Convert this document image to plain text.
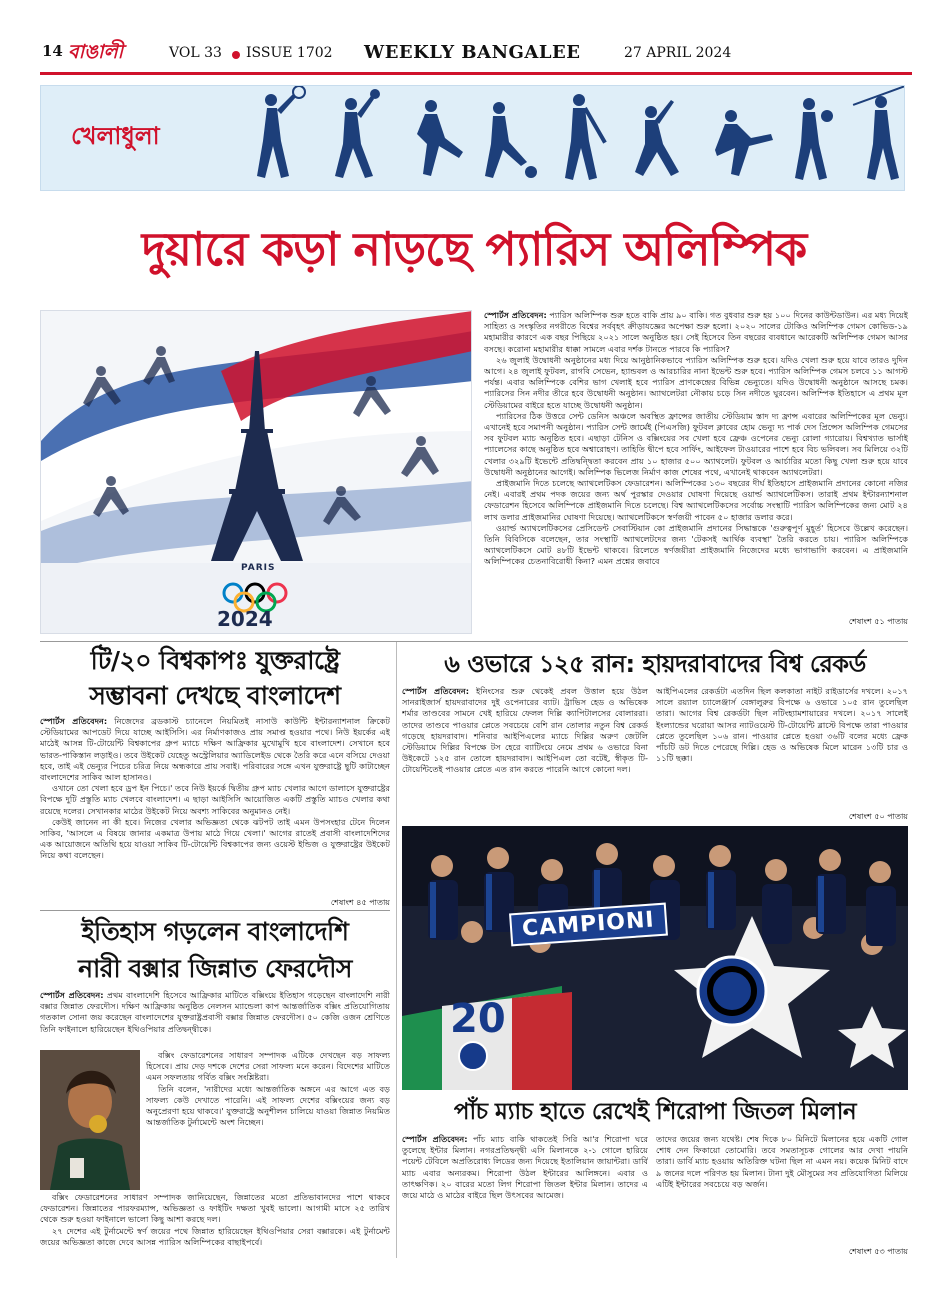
14 বাঙালী	VOL 33 ISSUE 1702 WEEKLY BANGALEE	27 APRIL 2024
খেলাধুলা
দুয়ারে কড়া নাড়ছে প্যারিস অলিম্পিক
PARIS
2024

স্পোর্টস প্রতিবেদন: প্যারিস অলিম্পিক শুরু হতে বাকি প্রায় ৯০ বাকি। গত বুধবার শুরু হয় ১০০ দিনের কাউন্টডাউন। এর মধ্য দিয়েই সাহিত্য ও সংস্কৃতির নগরীতে বিশ্বের সর্ববৃহৎ ক্রীড়াযজ্ঞের অপেক্ষা শুরু হলো। ২০২০ সালের টোকিও অলিম্পিক গেমস কোভিড-১৯ মহামারীর কারণে এক বছর পিছিয়ে ২০২১ সালে অনুষ্ঠিত হয়। সেই হিসেবে তিন বছরের ব্যবধানে আরেকটি অলিম্পিক গেমস আসর বসছে। করোনা মহামারীর ধাক্কা সামলে এবার দর্শক টানতে পারবে কি প্যারিস?

২৬ জুলাই উদ্বোধনী অনুষ্ঠানের মধ্য দিয়ে আনুষ্ঠানিকভাবে প্যারিস অলিম্পিক শুরু হবে। যদিও খেলা শুরু হয়ে যাবে তারও দুদিন আগে। ২৪ জুলাই ফুটবল, রাগবি সেভেন, হ্যান্ডবল ও আরচারির নানা ইভেন্ট শুরু হবে। প্যারিস অলিম্পিক গেমস চলবে ১১ আগস্ট পর্যন্ত। এবার অলিম্পিকে বেশির ভাগ খেলাই হবে প্যারিস প্রাণকেন্দ্রের বিভিন্ন ভেন্যুতে। যদিও উদ্বোধনী অনুষ্ঠানে আসছে চমক। প্যারিসের সিন নদীর তীরে হবে উদ্বোধনী অনুষ্ঠান। অ্যাথলেটরা নৌকায় চড়ে সিন নদীতে ঘুরবেন। অলিম্পিক ইতিহাসে এ প্রথম মূল স্টেডিয়ামের বাইরে হতে যাচ্ছে উদ্বোধনী অনুষ্ঠান।

প্যারিসের ঠিক উত্তরে সেন্ট ডেনিস অঞ্চলে অবস্থিত ফ্রান্সের জাতীয় স্টেডিয়াম স্তাদ দ্য ফ্রান্স এবারের অলিম্পিকের মূল ভেন্যু। এখানেই হবে সমাপনী অনুষ্ঠান। প্যারিস সেন্ট জার্মেই (পিএসজি) ফুটবল ক্লাবের হোম ভেন্যু দ্য পার্ক দেস প্রিন্সেস অলিম্পিক গেমসের সব ফুটবল ম্যাচ অনুষ্ঠিত হবে। এছাড়া টেনিস ও বক্সিংয়ের সব খেলা হবে ফ্রেঞ্চ ওপেনের ভেন্যু রোলা গ্যারোয়। বিশ্বখ্যাত ভার্সাই প্যালেসের কাছে অনুষ্ঠিত হবে অশ্বারোহণ। তাহিতি দ্বীপে হবে সার্ফিং, আইফেল টাওয়ারের পাশে হবে বিচ ভলিবল। সব মিলিয়ে ৩২টি খেলার ৩২৯টি ইভেন্টে প্রতিদ্বন্দ্বিতা করবেন প্রায় ১০ হাজার ৫০০ অ্যাথলেট। ফুটবল ও আর্চারির মতো কিছু খেলা শুরু হয়ে যাবে উদ্বোধনী অনুষ্ঠানের আগেই। অলিম্পিক ভিলেজ নির্মাণ কাজ শেষের পথে, এখানেই থাকবেন অ্যাথলেটরা।

প্রাইজমানি দিতে চলেছে অ্যাথলেটিকস ফেডারেশন। অলিম্পিকের ১৩০ বছরের দীর্ঘ ইতিহাসে প্রাইজমানি প্রদানের কোনো নজির নেই। এবারই প্রথম পদক জয়ের জন্য অর্থ পুরস্কার দেওয়ার ঘোষণা দিয়েছে ওয়ার্ল্ড অ্যাথলেটিকস। তারাই প্রথম ইন্টারন্যাশনাল ফেডারেশন হিসেবে অলিম্পিকে প্রাইজমানি দিতে চলেছে। বিশ্ব অ্যাথলেটিকসের সর্বোচ্চ সংস্থাটি প্যারিস অলিম্পিকের জন্য মোট ২৪ লাখ ডলার প্রাইজমানির ঘোষণা দিয়েছে। অ্যাথলেটিকসে স্বর্ণজয়ী পাবেন ৫০ হাজার ডলার করে।

ওয়ার্ল্ড অ্যাথলেটিকসের প্রেসিডেন্ট সেবাস্টিয়ান কো প্রাইজমানি প্রদানের সিদ্ধান্তকে 'গুরুত্বপূর্ণ মুহূর্ত' হিসেবে উল্লেখ করেছেন। তিনি বিবিসিকে বলেছেন, তার সংস্থাটি অ্যাথলেটদের জন্য 'টেকসই আর্থিক ব্যবস্থা' তৈরি করতে চায়। প্যারিস অলিম্পিকে অ্যাথলেটিকসে মোট ৪৮টি ইভেন্ট থাকবে। রিলেতে স্বর্ণজয়ীরা প্রাইজমানি নিজেদের মধ্যে ভাগাভাগি করবেন। এ প্রাইজমানি অলিম্পিকের চেতনাবিরোধী কিনা? এমন প্রশ্নের জবাবে

শেষাংশ ৫১ পাতায়
টি/২০ বিশ্বকাপঃ যুক্তরাষ্ট্রে
সম্ভাবনা দেখছে বাংলাদেশ

স্পোর্টস প্রতিবেদন: নিজেদের ব্রডকাস্ট চ্যানেলে নিয়মিতই নাসাউ কাউন্টি ইন্টারন্যাশনাল ক্রিকেট স্টেডিয়ামের আপডেট দিয়ে যাচ্ছে আইসিসি। এর নির্মাণকাজও প্রায় সমাপ্ত হওয়ার পথে। নিউ ইয়র্কের এই মাঠেই আসন্ন টি-টোয়েন্টি বিশ্বকাপের গ্রুপ ম্যাচে দক্ষিণ আফ্রিকার মুখোমুখি হবে বাংলাদেশ। সেখানে হবে ভারত-পাকিস্তান লড়াইও। তবে উইকেট যেহেতু অস্ট্রেলিয়ার অ্যাডিলেইড থেকে তৈরি করে এনে বসিয়ে দেওয়া হবে, তাই এই ভেন্যুর পিচের চরিত্র নিয়ে অন্ধকারে প্রায় সবাই। পরিবারের সঙ্গে এখন যুক্তরাষ্ট্রে ছুটি কাটাচ্ছেন বাংলাদেশের সাকিব আল হাসানও।

ওখানে তো খেলা হবে ড্রপ ইন পিচে।' তবে নিউ ইয়র্কে দ্বিতীয় গ্রুপ ম্যাচ খেলার আগে ডালাসে যুক্তরাষ্ট্রের বিপক্ষে দুটি প্রস্তুতি ম্যাচ খেলবে বাংলাদেশ। এ ছাড়া আইসিসি আয়োজিত একটি প্রস্তুতি ম্যাচও খেলার কথা রয়েছে দলের। সেখানকার মাঠের উইকেট নিয়ে অবশ্য সাকিবের অনুমানও নেই।

কেউই জানেন না কী হবে। নিজের খেলার অভিজ্ঞতা থেকে ঝটপট তাই এমন উপসংহার টেনে দিলেন সাকিব, 'আসলে এ বিষয়ে জানার একমাত্র উপায় মাঠে গিয়ে খেলা।' আগের রাতেই প্রবাসী বাংলাদেশিদের এক আয়োজনে অতিথি হয়ে যাওয়া সাকিব টি-টোয়েন্টি বিশ্বকাপের জন্য ওয়েস্ট ইন্ডিজ ও যুক্তরাষ্ট্রের উইকেট নিয়ে কথা বলেছেন।

শেষাংশ ৪৫ পাতায়
ইতিহাস গড়লেন বাংলাদেশি
নারী বক্সার জিন্নাত ফেরদৌস

স্পোর্টস প্রতিবেদন: প্রথম বাংলাদেশি হিসেবে আফ্রিকার মাটিতে বক্সিংয়ে ইতিহাস গড়েছেন বাংলাদেশি নারী বক্সার জিন্নাত ফেরদৌস। দক্ষিণ আফ্রিকায় অনুষ্ঠিত নেলসন ম্যান্ডেলা কাপ আন্তর্জাতিক বক্সিং প্রতিযোগিতায় গতকাল সোনা জয় করেছেন বাংলাদেশের যুক্তরাষ্ট্রপ্রবাসী বক্সার জিন্নাত ফেরদৌস। ৫০ কেজি ওজন শ্রেণিতে তিনি ফাইনালে হারিয়েছেন ইথিওপিয়ার প্রতিদ্বন্দ্বীকে।

বক্সিং ফেডারেশনের সাধারণ সম্পাদক এটিকে দেখছেন বড় সাফল্য হিসেবে। প্রায় দেড় দশকে দেশের সেরা সাফল্য মনে করেন। বিদেশের মাটিতে এমন সফলতায় গর্বিত বক্সিং সংশ্লিষ্টরা।

তিনি বলেন, 'নারীদের মধ্যে আন্তর্জাতিক অঙ্গনে এর আগে এত বড় সাফল্য কেউ দেখাতে পারেনি। এই সাফল্য দেশের বক্সিংয়ের জন্য বড় অনুপ্রেরণা হয়ে থাকবে।' যুক্তরাষ্ট্রে অনুশীলন চালিয়ে যাওয়া জিন্নাত নিয়মিত আন্তর্জাতিক টুর্নামেন্টে অংশ নিচ্ছেন।

বক্সিং ফেডারেশনের সাধারণ সম্পাদক জানিয়েছেন, জিন্নাতের মতো প্রতিভাবানদের পাশে থাকবে ফেডারেশন। জিন্নাতের পারফরম্যান্স, অভিজ্ঞতা ও ফাইটিং দক্ষতা খুবই ভালো। আগামী মাসে ২৫ তারিখ থেকে শুরু হওয়া ফাইনালে ভালো কিছু আশা করছে দল।

২৭ দেশের এই টুর্নামেন্টে স্বর্ণ জয়ের পথে জিন্নাত হারিয়েছেন ইথিওপিয়ার সেরা বক্সারকে। এই টুর্নামেন্ট জয়ের অভিজ্ঞতা কাজে দেবে আসন্ন প্যারিস অলিম্পিকের বাছাইপর্বে।

৬ ওভারে ১২৫ রান: হায়দরাবাদের বিশ্ব রেকর্ড

স্পোর্টস প্রতিবেদন: ইনিংসের শুরু থেকেই প্রবল উত্তাল হয়ে উঠল সানরাইজার্স হায়দরাবাদের দুই ওপেনারের ব্যাট। ট্রাভিস হেড ও অভিষেক শর্মার তাণ্ডবের সামনে খেই হারিয়ে ফেলল দিল্লি ক্যাপিটালসের বোলাররা। তাদের তাণ্ডবে পাওয়ার প্লেতে সবচেয়ে বেশি রান তোলার নতুন বিশ্ব রেকর্ড গড়েছে হায়দরাবাদ। শনিবার আইপিএলের ম্যাচে দিল্লির অরুণ জেটলি স্টেডিয়ামে দিল্লির বিপক্ষে টস হেরে ব্যাটিংয়ে নেমে প্রথম ৬ ওভারে বিনা উইকেটে ১২৫ রান তোলে হায়দরাবাদ। আইপিএল তো বটেই, স্বীকৃত টি-টোয়েন্টিতেই পাওয়ার প্লেতে এত রান করতে পারেনি আগে কোনো দল।

আইপিএলের রেকর্ডটা এতদিন ছিল কলকাতা নাইট রাইডার্সের দখলে। ২০১৭ সালে রয়্যাল চ্যালেঞ্জার্স বেঙ্গালুরুর বিপক্ষে ৬ ওভারে ১০৫ রান তুলেছিল তারা। আগের বিশ্ব রেকর্ডটা ছিল নটিংহ্যামশায়ারের দখলে। ২০১৭ সালেই ইংল্যান্ডের ঘরোয়া আসর ন্যাটওয়েস্ট টি-টোয়েন্টি ব্লাস্টে বিপক্ষে তারা পাওয়ার প্লেতে তুলেছিল ১০৬ রান। পাওয়ার প্লেতে হওয়া ৩৬টি বলের মধ্যে ফ্রেক পাঁচটি ডট দিতে পেরেছে দিল্লি। হেড ও অভিষেক মিলে মারেন ১৩টি চার ও ১১টি ছক্কা।

শেষাংশ ৫০ পাতায়
CAMPIONI
20
পাঁচ ম্যাচ হাতে রেখেই শিরোপা জিতল মিলান

স্পোর্টস প্রতিবেদন: পাঁচ ম্যাচ বাকি থাকতেই সিরি আ'র শিরোপা ঘরে তুলেছে ইন্টার মিলান। নগরপ্রতিদ্বন্দ্বী এসি মিলানকে ২-১ গোলে হারিয়ে পয়েন্ট টেবিলে অপ্রতিরোধ্য লিডের জন্য দিয়েছে ইতালিয়ান জায়ান্টরা। ডার্বি ম্যাচ এবার অন্যরকম। শিরোপা উঠল ইন্টারের আলিঙ্গনে। এবার ও তাৎক্ষণিক। ২০ বারের মতো লিগ শিরোপা জিতল ইন্টার মিলান। তাদের এ জয়ে মাঠে ও মাঠের বাইরে ছিল উৎসবের আমেজ।

তাদের জয়ের জন্য যথেষ্ট। শেষ দিকে ৮০ মিনিটে মিলানের হয়ে একটি গোল শোধ দেন ফিকায়ো তোমোরি। তবে সমতাসূচক গোলের আর দেখা পায়নি তারা। ডার্বি ম্যাচ হওয়ায় অতিরিক্ত ঘটনা ছিল না এমন নয়। কয়েক মিনিট বাদে ৯ জনের দলে পরিণত হয় মিলান। টানা দুই মৌসুমের সব প্রতিযোগিতা মিলিয়ে এটিই ইন্টারের সবচেয়ে বড় অর্জন।

শেষাংশ ৫৩ পাতায়
